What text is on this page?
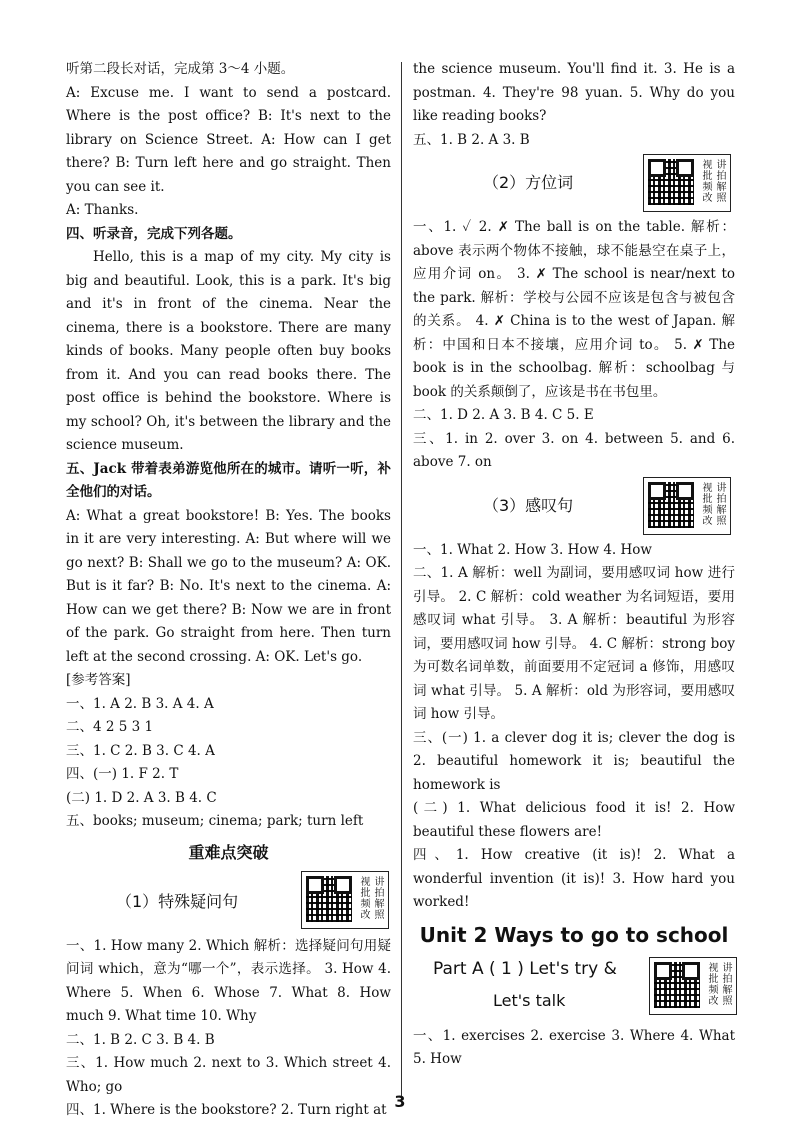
听第二段长对话，完成第 3～4 小题。

A: Excuse me. I want to send a postcard. Where is the post office? B: It's next to the library on Science Street. A: How can I get there? B: Turn left here and go straight. Then you can see it.

A: Thanks.

四、听录音，完成下列各题。

Hello, this is a map of my city. My city is big and beautiful. Look, this is a park. It's big and it's in front of the cinema. Near the cinema, there is a bookstore. There are many kinds of books. Many people often buy books from it. And you can read books there. The post office is behind the bookstore. Where is my school? Oh, it's between the library and the science museum.

五、Jack 带着表弟游览他所在的城市。请听一听，补全他们的对话。

A: What a great bookstore! B: Yes. The books in it are very interesting. A: But where will we go next? B: Shall we go to the museum? A: OK. But is it far? B: No. It's next to the cinema. A: How can we get there? B: Now we are in front of the park. Go straight from here. Then turn left at the second crossing. A: OK. Let's go.

[参考答案]

一、1. A 2. B 3. A 4. A

二、4 2 5 3 1

三、1. C 2. B 3. C 4. A

四、(一) 1. F 2. T

(二) 1. D 2. A 3. B 4. C

五、books; museum; cinema; park; turn left

重难点突破
（1）特殊疑问句	讲拍解照视批频改

一、1. How many 2. Which 解析：选择疑问句用疑问词 which，意为“哪一个”，表示选择。 3. How 4. Where 5. When 6. Whose 7. What 8. How much 9. What time 10. Why

二、1. B 2. C 3. B 4. B

三、1. How much 2. next to 3. Which street 4. Who; go

四、1. Where is the bookstore? 2. Turn right at

the science museum. You'll find it. 3. He is a postman. 4. They're 98 yuan. 5. Why do you like reading books?

五、1. B 2. A 3. B

（2）方位词	讲拍解照视批频改

一、1. ✓ 2. ✗ The ball is on the table. 解析：above 表示两个物体不接触，球不能悬空在桌子上，应用介词 on。 3. ✗ The school is near/next to the park. 解析：学校与公园不应该是包含与被包含的关系。 4. ✗ China is to the west of Japan. 解析：中国和日本不接壤，应用介词 to。 5. ✗ The book is in the schoolbag. 解析：schoolbag 与 book 的关系颠倒了，应该是书在书包里。

二、1. D 2. A 3. B 4. C 5. E

三、1. in 2. over 3. on 4. between 5. and 6. above 7. on

（3）感叹句	讲拍解照视批频改

一、1. What 2. How 3. How 4. How

二、1. A 解析：well 为副词，要用感叹词 how 进行引导。 2. C 解析：cold weather 为名词短语，要用感叹词 what 引导。 3. A 解析：beautiful 为形容词，要用感叹词 how 引导。 4. C 解析：strong boy 为可数名词单数，前面要用不定冠词 a 修饰，用感叹词 what 引导。 5. A 解析：old 为形容词，要用感叹词 how 引导。

三、(一) 1. a clever dog it is; clever the dog is 2. beautiful homework it is; beautiful the homework is

(二) 1. What delicious food it is! 2. How beautiful these flowers are!

四、1. How creative (it is)! 2. What a wonderful invention (it is)! 3. How hard you worked!

Unit 2 Ways to go to school
Part A ( 1 ) Let's try &
Let's talk	讲拍解照视批频改

一、1. exercises 2. exercise 3. Where 4. What 5. How

3
